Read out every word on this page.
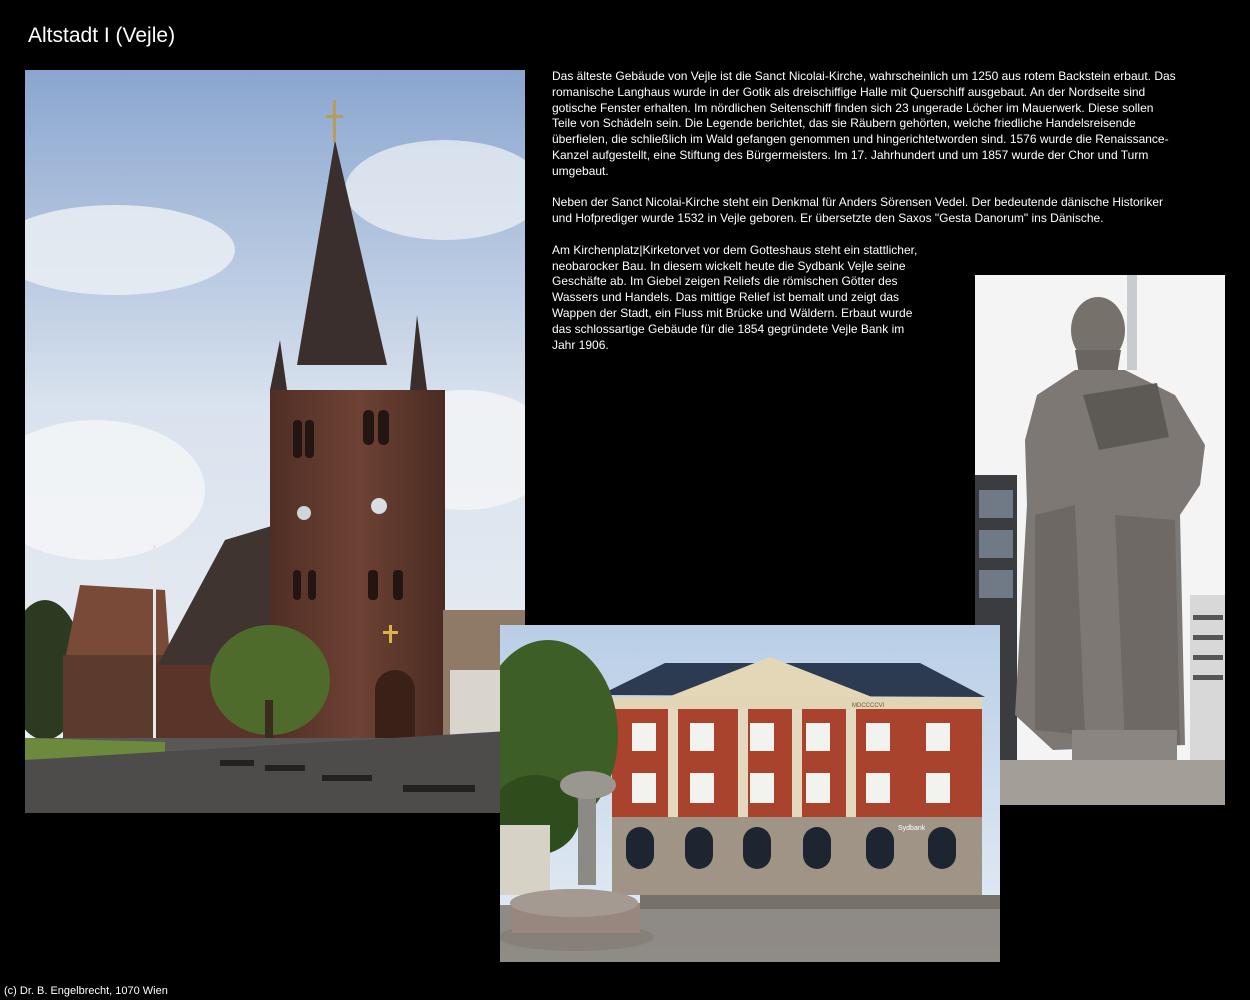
Altstadt I (Vejle)
MDCCCCVI
Sydbank

Das älteste Gebäude von Vejle ist die Sanct Nicolai-Kirche, wahrscheinlich um 1250 aus rotem Backstein erbaut. Das romanische Langhaus wurde in der Gotik als dreischiffige Halle mit Querschiff ausgebaut. An der Nordseite sind gotische Fenster erhalten. Im nördlichen Seitenschiff finden sich 23 ungerade Löcher im Mauerwerk. Diese sollen Teile von Schädeln sein. Die Legende berichtet, das sie Räubern gehörten, welche friedliche Handelsreisende überfielen, die schließlich im Wald gefangen genommen und hingerichtetworden sind. 1576 wurde die Renaissance-Kanzel aufgestellt, eine Stiftung des Bürgermeisters. Im 17. Jahrhundert und um 1857 wurde der Chor und Turm umgebaut.

Neben der Sanct Nicolai-Kirche steht ein Denkmal für Anders Sörensen Vedel. Der bedeutende dänische Historiker und Hofprediger wurde 1532 in Vejle geboren. Er übersetzte den Saxos "Gesta Danorum" ins Dänische.

Am Kirchenplatz|Kirketorvet vor dem Gotteshaus steht ein stattlicher, neobarocker Bau. In diesem wickelt heute die Sydbank Vejle seine Geschäfte ab. Im Giebel zeigen Reliefs die römischen Götter des Wassers und Handels. Das mittige Relief ist bemalt und zeigt das Wappen der Stadt, ein Fluss mit Brücke und Wäldern. Erbaut wurde das schlossartige Gebäude für die 1854 gegründete Vejle Bank im Jahr 1906.

(c) Dr. B. Engelbrecht, 1070 Wien
